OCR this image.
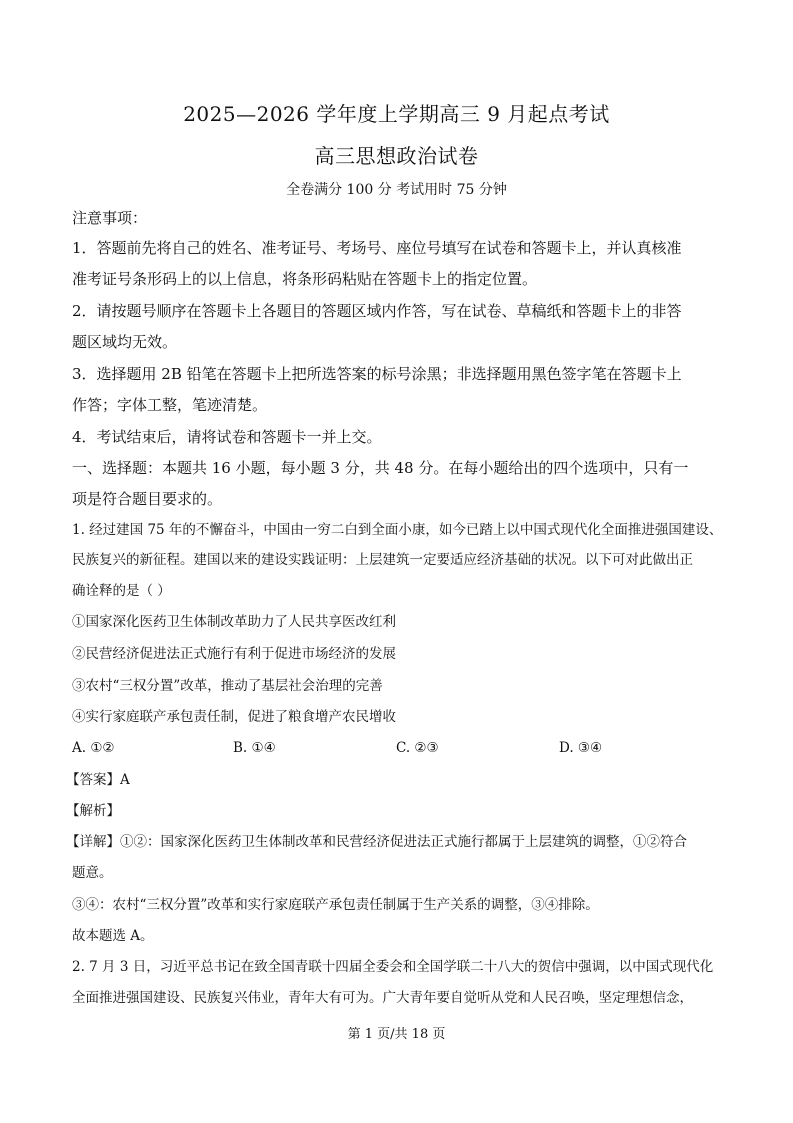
2025—2026 学年度上学期高三 9 月起点考试
高三思想政治试卷
全卷满分 100 分 考试用时 75 分钟
注意事项：
1．答题前先将自己的姓名、准考证号、考场号、座位号填写在试卷和答题卡上，并认真核准
准考证号条形码上的以上信息，将条形码粘贴在答题卡上的指定位置。
2．请按题号顺序在答题卡上各题目的答题区域内作答，写在试卷、草稿纸和答题卡上的非答
题区域均无效。
3．选择题用 2B 铅笔在答题卡上把所选答案的标号涂黑；非选择题用黑色签字笔在答题卡上
作答；字体工整，笔迹清楚。
4．考试结束后，请将试卷和答题卡一并上交。
一、选择题：本题共 16 小题，每小题 3 分，共 48 分。在每小题给出的四个选项中，只有一
项是符合题目要求的。
1. 经过建国 75 年的不懈奋斗，中国由一穷二白到全面小康，如今已踏上以中国式现代化全面推进强国建设、
民族复兴的新征程。建国以来的建设实践证明：上层建筑一定要适应经济基础的状况。以下可对此做出正
确诠释的是（ ）
①国家深化医药卫生体制改革助力了人民共享医改红利
②民营经济促进法正式施行有利于促进市场经济的发展
③农村“三权分置”改革，推动了基层社会治理的完善
④实行家庭联产承包责任制，促进了粮食增产农民增收
A. ①②	B. ①④	C. ②③	D. ③④
【答案】A
【解析】
【详解】①②：国家深化医药卫生体制改革和民营经济促进法正式施行都属于上层建筑的调整，①②符合
题意。
③④：农村“三权分置”改革和实行家庭联产承包责任制属于生产关系的调整，③④排除。
故本题选 A。
2. 7 月 3 日，习近平总书记在致全国青联十四届全委会和全国学联二十八大的贺信中强调，以中国式现代化
全面推进强国建设、民族复兴伟业，青年大有可为。广大青年要自觉听从党和人民召唤，坚定理想信念，
第 1 页/共 18 页
